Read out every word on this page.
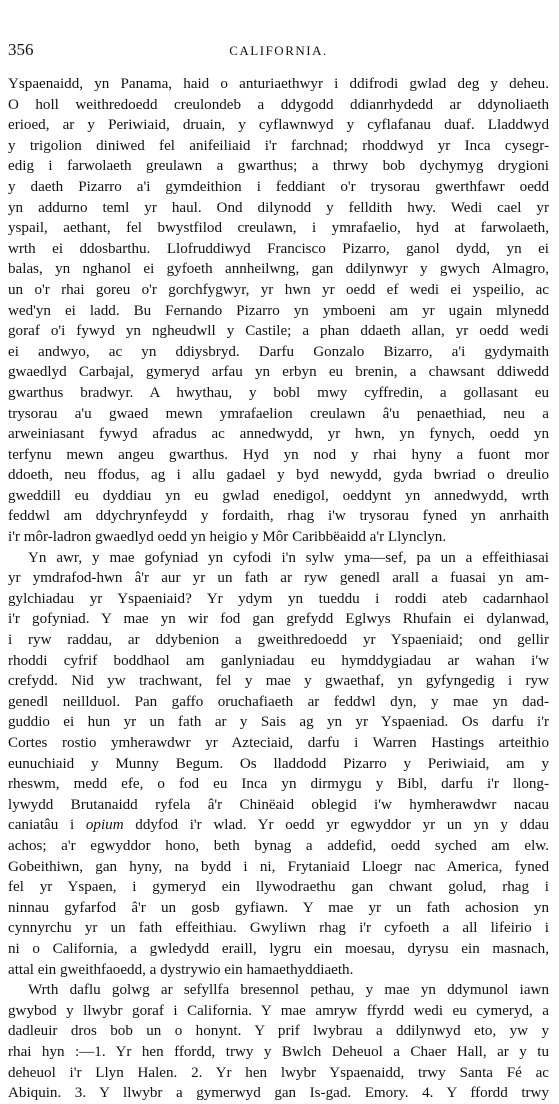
356	CALIFORNIA.
Yspaenaidd, yn Panama, haid o anturiaethwyr i ddifrodi gwlad deg y deheu.
O holl weithredoedd creulondeb a ddygodd ddianrhydedd ar ddynoliaeth
erioed, ar y Periwiaid, druain, y cyflawnwyd y cyflafanau duaf. Lladdwyd
y trigolion diniwed fel anifeiliaid i'r farchnad; rhoddwyd yr Inca cysegr-
edig i farwolaeth greulawn a gwarthus; a thrwy bob dychymyg drygioni
y daeth Pizarro a'i gymdeithion i feddiant o'r trysorau gwerthfawr oedd
yn addurno teml yr haul. Ond dilynodd y felldith hwy. Wedi cael yr
yspail, aethant, fel bwystfilod creulawn, i ymrafaelio, hyd at farwolaeth,
wrth ei ddosbarthu. Llofruddiwyd Francisco Pizarro, ganol dydd, yn ei
balas, yn nghanol ei gyfoeth annheilwng, gan ddilynwyr y gwych Almagro,
un o'r rhai goreu o'r gorchfygwyr, yr hwn yr oedd ef wedi ei yspeilio, ac
wed'yn ei ladd. Bu Fernando Pizarro yn ymboeni am yr ugain mlynedd
goraf o'i fywyd yn ngheudwll y Castile; a phan ddaeth allan, yr oedd wedi
ei andwyo, ac yn ddiysbryd. Darfu Gonzalo Bizarro, a'i gydymaith
gwaedlyd Carbajal, gymeryd arfau yn erbyn eu brenin, a chawsant ddiwedd
gwarthus bradwyr. A hwythau, y bobl mwy cyffredin, a gollasant eu
trysorau a'u gwaed mewn ymrafaelion creulawn â'u penaethiad, neu a
arweiniasant fywyd afradus ac annedwydd, yr hwn, yn fynych, oedd yn
terfynu mewn angeu gwarthus. Hyd yn nod y rhai hyny a fuont mor
ddoeth, neu ffodus, ag i allu gadael y byd newydd, gyda bwriad o dreulio
gweddill eu dyddiau yn eu gwlad enedigol, oeddynt yn annedwydd, wrth
feddwl am ddychrynfeydd y fordaith, rhag i'w trysorau fyned yn anrhaith
i'r môr-ladron gwaedlyd oedd yn heigio y Môr Caribbëaidd a'r Llynclyn.
Yn awr, y mae gofyniad yn cyfodi i'n sylw yma—sef, pa un a effeithiasai
yr ymdrafod-hwn â'r aur yr un fath ar ryw genedl arall a fuasai yn am-
gylchiadau yr Yspaeniaid? Yr ydym yn tueddu i roddi ateb cadarnhaol
i'r gofyniad. Y mae yn wir fod gan grefydd Eglwys Rhufain ei dylanwad,
i ryw raddau, ar ddybenion a gweithredoedd yr Yspaeniaid; ond gellir
rhoddi cyfrif boddhaol am ganlyniadau eu hymddygiadau ar wahan i'w
crefydd. Nid yw trachwant, fel y mae y gwaethaf, yn gyfyngedig i ryw
genedl neillduol. Pan gaffo oruchafiaeth ar feddwl dyn, y mae yn dad-
guddio ei hun yr un fath ar y Sais ag yn yr Yspaeniad. Os darfu i'r
Cortes rostio ymherawdwr yr Azteciaid, darfu i Warren Hastings arteithio
eunuchiaid y Munny Begum. Os lladdodd Pizarro y Periwiaid, am y
rheswm, medd efe, o fod eu Inca yn dirmygu y Bibl, darfu i'r llong-
lywydd Brutanaidd ryfela â'r Chinëaid oblegid i'w hymherawdwr nacau
caniatâu i opium ddyfod i'r wlad. Yr oedd yr egwyddor yr un yn y ddau
achos; a'r egwyddor hono, beth bynag a addefid, oedd syched am elw.
Gobeithiwn, gan hyny, na bydd i ni, Frytaniaid Lloegr nac America, fyned
fel yr Yspaen, i gymeryd ein llywodraethu gan chwant golud, rhag i
ninnau gyfarfod â'r un gosb gyfiawn. Y mae yr un fath achosion yn
cynnyrchu yr un fath effeithiau. Gwyliwn rhag i'r cyfoeth a all lifeirio i
ni o California, a gwledydd eraill, lygru ein moesau, dyrysu ein masnach,
attal ein gweithfaoedd, a dystrywio ein hamaethyddiaeth.
Wrth daflu golwg ar sefyllfa bresennol pethau, y mae yn ddymunol iawn
gwybod y llwybr goraf i California. Y mae amryw ffyrdd wedi eu cymeryd, a
dadleuir dros bob un o honynt. Y prif lwybrau a ddilynwyd eto, yw y
rhai hyn :—1. Yr hen ffordd, trwy y Bwlch Deheuol a Chaer Hall, ar y tu
deheuol i'r Llyn Halen. 2. Yr hen lwybr Yspaenaidd, trwy Santa Fé ac
Abiquin. 3. Y llwybr a gymerwyd gan Is-gad. Emory. 4. Y ffordd trwy
